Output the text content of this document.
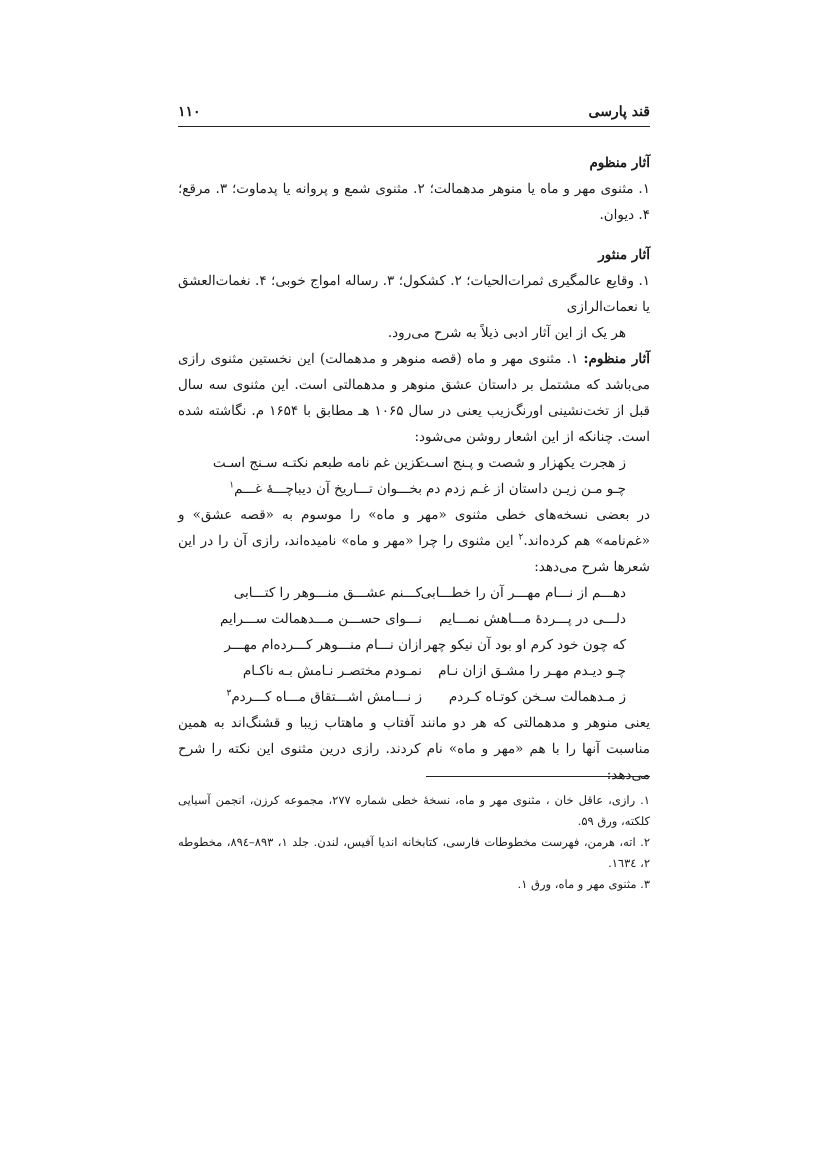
قند پارسی
۱۱۰

آثار منظوم

۱. مثنوی مهر و ماه یا منوهر مدهمالت؛ ۲. مثنوی شمع و پروانه یا پدماوت؛ ۳. مرقع؛ ۴. دیوان.

آثار منثور

۱. وقایع عالمگیری ثمرات‌الحیات؛ ۲. کشکول؛ ۳. رساله امواج خوبی؛ ۴. نغمات‌العشق یا نعمات‌الرازی

هر یک از این آثار ادبی ذیلاً به شرح می‌رود.

آثار منظوم: ۱. مثنوی مهر و ماه (قصه منوهر و مدهمالت) این نخستین مثنوی رازی می‌باشد که مشتمل بر داستان عشق منوهر و مدهمالتی است. این مثنوی سه سال قبل از تخت‌نشینی اورنگ‌زیب یعنی در سال ۱۰۶۵ هـ مطابق با ۱۶۵۴ م. نگاشته شده است. چنانکه از این اشعار روشن می‌شود:

ز هجرت یکهزار و شصت و پـنج اسـت
کزین غم نامه طبعم نکتـه سـنج اسـت
چـو مـن زیـن داستان از غـم زدم دم
بخـــوان تـــاریخ آن دیباچـــۀ غـــم$^۱$

در بعضی نسخه‌های خطی مثنوی «مهر و ماه» را موسوم به «قصه عشق» و «غم‌نامه» هم کرده‌اند.$^۲$ این مثنوی را چرا «مهر و ماه» نامیده‌اند، رازی آن را در این شعرها شرح می‌دهد:

دهـــم از نـــام مهـــر آن را خطـــابی
کـــنم عشـــق منـــوهر را کتـــابی
دلـــی در پـــردۀ مـــاهش نمـــایم
نـــوای حســـن مـــدهمالت ســـرایم
که چون خود کرم او بود آن نیکو چهر
ازان نـــام منـــوهر کـــرده‌ام مهـــر
چـو دیـدم مهـر را مشـق ازان نـام
نمـودم مختصـر نـامش بـه ناکـام
ز مـدهمالت سـخن کوتـاه کـردم
ز نـــامش اشـــتقاق مـــاه کـــردم$^۳$

یعنی منوهر و مدهمالتی که هر دو مانند آفتاب و ماهتاب زیبا و قشنگ‌اند به همین مناسبت آنها را با هم «مهر و ماه» نام کردند. رازی درین مثنوی این نکته را شرح می‌دهد:

۱. رازی، عاقل خان ، مثنوی مهر و ماه، نسخهٔ خطی شماره ۲۷۷، مجموعه کرزن، انجمن آسیایی کلکته، ورق ۵۹.

۲. اته، هرمن، فهرست مخطوطات فارسی، کتابخانه اندیا آفیس، لندن. جلد ۱، ۸۹۳–۸۹٤، مخطوطه ۲، ۱٦۳٤.

۳. مثنوی مهر و ماه، ورق ۱.
